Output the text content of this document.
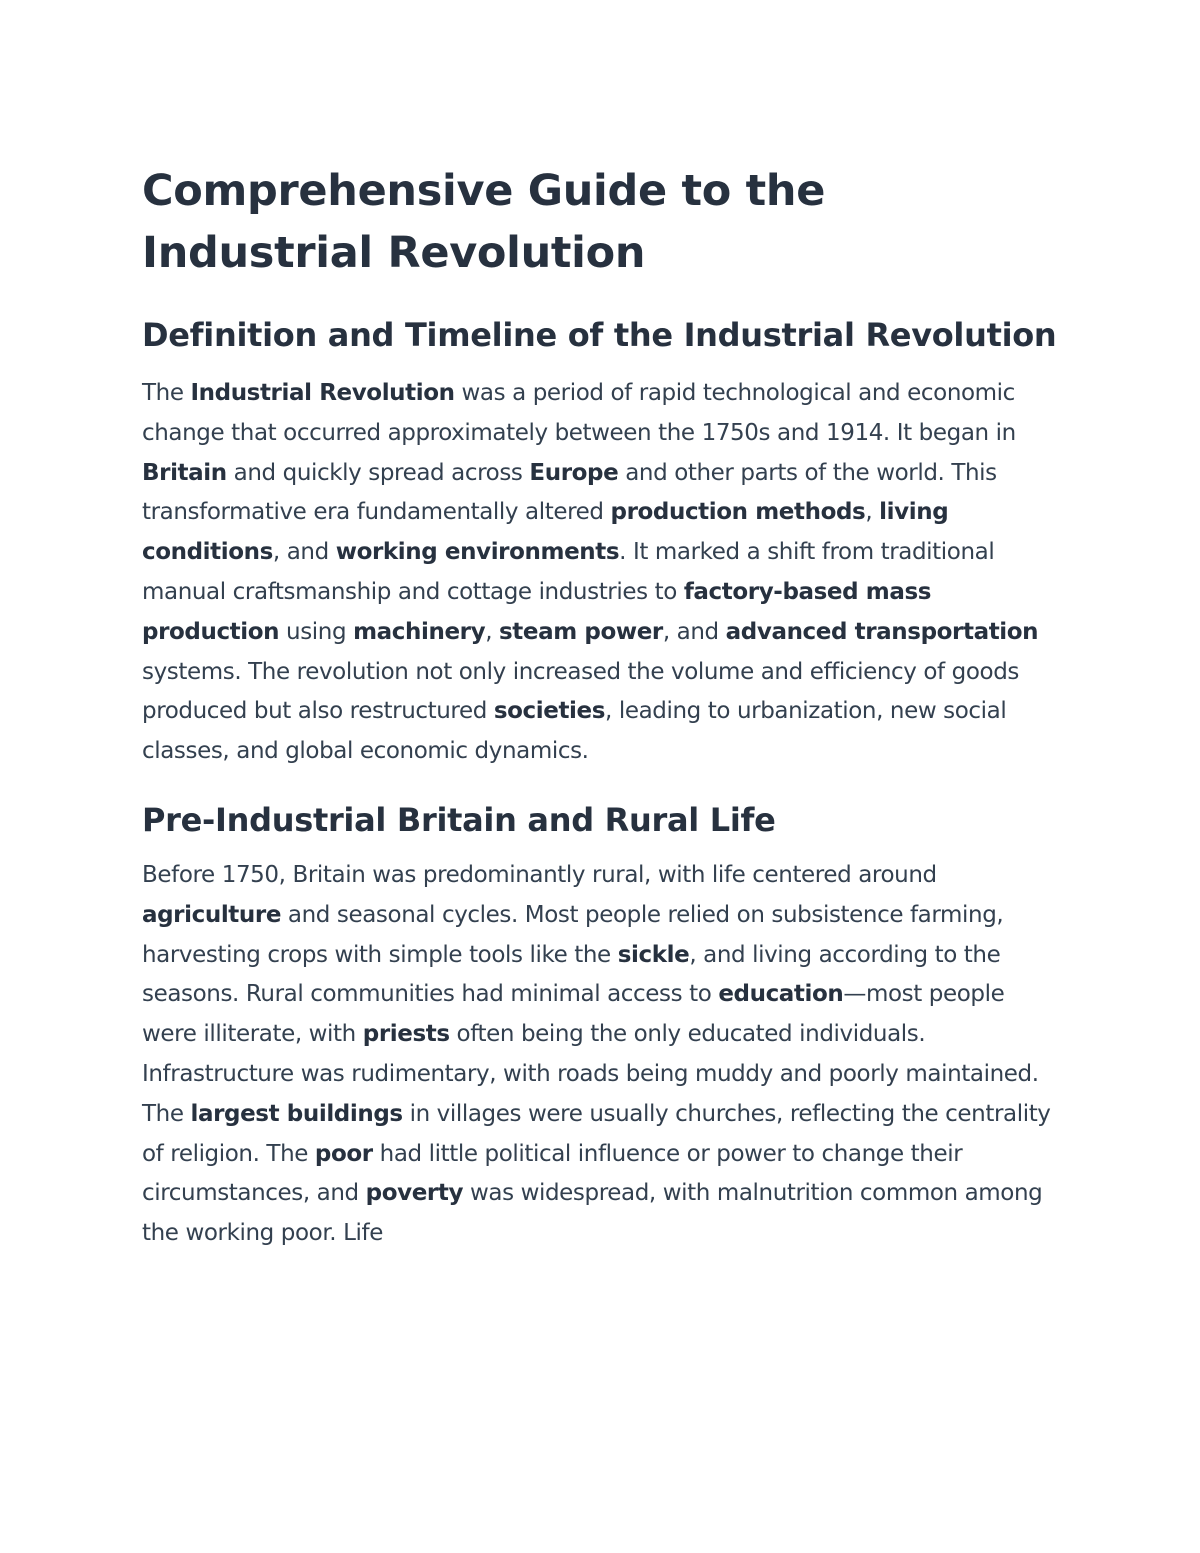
Comprehensive Guide to the Industrial Revolution
Definition and Timeline of the Industrial Revolution

The Industrial Revolution was a period of rapid technological and economic change that occurred approximately between the 1750s and 1914. It began in Britain and quickly spread across Europe and other parts of the world. This transformative era fundamentally altered production methods, living conditions, and working environments. It marked a shift from traditional manual craftsmanship and cottage industries to factory-based mass production using machinery, steam power, and advanced transportation systems. The revolution not only increased the volume and efficiency of goods produced but also restructured societies, leading to urbanization, new social classes, and global economic dynamics.

Pre-Industrial Britain and Rural Life

Before 1750, Britain was predominantly rural, with life centered around agriculture and seasonal cycles. Most people relied on subsistence farming, harvesting crops with simple tools like the sickle, and living according to the seasons. Rural communities had minimal access to education—most people were illiterate, with priests often being the only educated individuals. Infrastructure was rudimentary, with roads being muddy and poorly maintained. The largest buildings in villages were usually churches, reflecting the centrality of religion. The poor had little political influence or power to change their circumstances, and poverty was widespread, with malnutrition common among the working poor. Life
